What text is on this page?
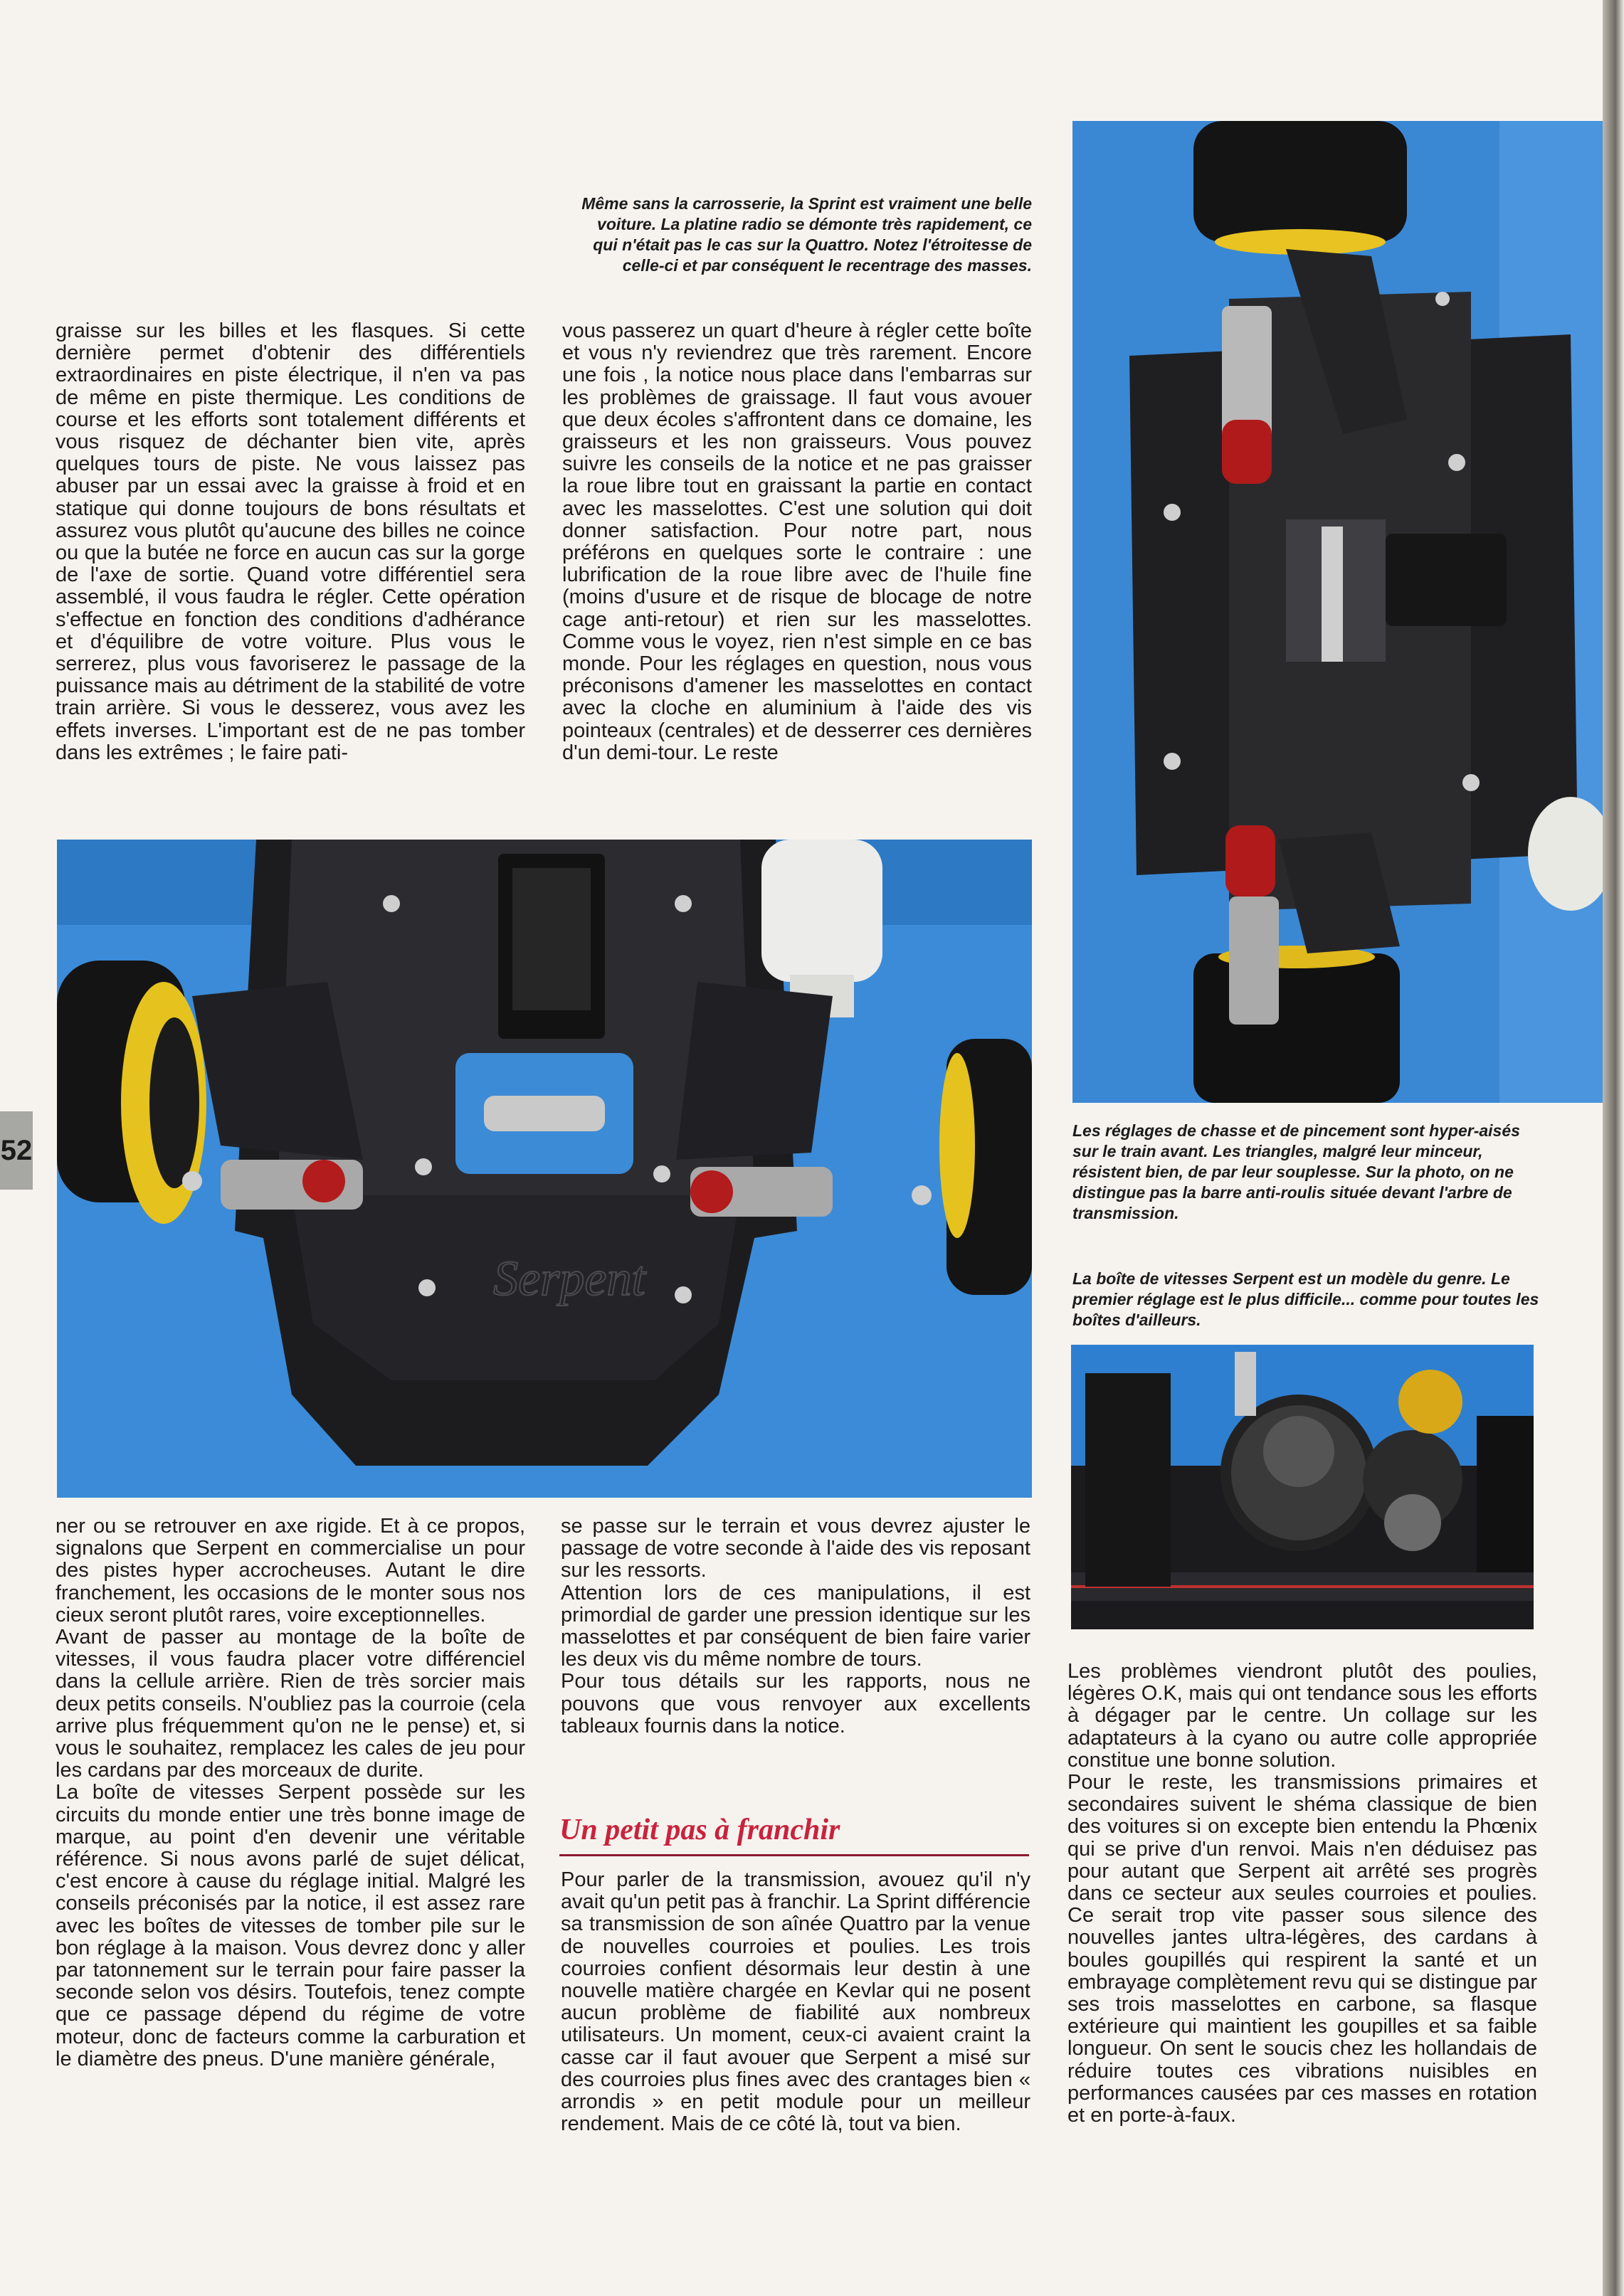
52
Même sans la carrosserie, la Sprint est vraiment une belle voiture. La platine radio se démonte très rapidement, ce qui n'était pas le cas sur la Quattro. Notez l'étroitesse de celle-ci et par conséquent le recentrage des masses.

graisse sur les billes et les flasques. Si cette dernière permet d'obtenir des différentiels extraordinaires en piste électrique, il n'en va pas de même en piste thermique. Les conditions de course et les efforts sont totalement différents et vous risquez de déchanter bien vite, après quelques tours de piste. Ne vous laissez pas abuser par un essai avec la graisse à froid et en statique qui donne toujours de bons résultats et assurez vous plutôt qu'aucune des billes ne coince ou que la butée ne force en aucun cas sur la gorge de l'axe de sortie. Quand votre différentiel sera assemblé, il vous faudra le régler. Cette opération s'effectue en fonction des conditions d'adhérance et d'équilibre de votre voiture. Plus vous le serrerez, plus vous favoriserez le passage de la puissance mais au détriment de la stabilité de votre train arrière. Si vous le desserez, vous avez les effets inverses. L'important est de ne pas tomber dans les extrêmes ; le faire pati-

vous passerez un quart d'heure à régler cette boîte et vous n'y reviendrez que très rarement. Encore une fois , la notice nous place dans l'embarras sur les problèmes de graissage. Il faut vous avouer que deux écoles s'affrontent dans ce domaine, les graisseurs et les non graisseurs. Vous pouvez suivre les conseils de la notice et ne pas graisser la roue libre tout en graissant la partie en contact avec les masselottes. C'est une solution qui doit donner satisfaction. Pour notre part, nous préférons en quelques sorte le contraire : une lubrification de la roue libre avec de l'huile fine (moins d'usure et de risque de blocage de notre cage anti-retour) et rien sur les masselottes. Comme vous le voyez, rien n'est simple en ce bas monde. Pour les réglages en question, nous vous préconisons d'amener les masselottes en contact avec la cloche en aluminium à l'aide des vis pointeaux (centrales) et de desserrer ces dernières d'un demi-tour. Le reste

Serpent
Les réglages de chasse et de pincement sont hyper-aisés sur le train avant. Les triangles, malgré leur minceur, résistent bien, de par leur souplesse. Sur la photo, on ne distingue pas la barre anti-roulis située devant l'arbre de transmission.
La boîte de vitesses Serpent est un modèle du genre. Le premier réglage est le plus difficile... comme pour toutes les boîtes d'ailleurs.

ner ou se retrouver en axe rigide. Et à ce propos, signalons que Serpent en commercialise un pour des pistes hyper accrocheuses. Autant le dire franchement, les occasions de le monter sous nos cieux seront plutôt rares, voire exceptionnelles.

Avant de passer au montage de la boîte de vitesses, il vous faudra placer votre différenciel dans la cellule arrière. Rien de très sorcier mais deux petits conseils. N'oubliez pas la courroie (cela arrive plus fréquemment qu'on ne le pense) et, si vous le souhaitez, remplacez les cales de jeu pour les cardans par des morceaux de durite.

La boîte de vitesses Serpent possède sur les circuits du monde entier une très bonne image de marque, au point d'en devenir une véritable référence. Si nous avons parlé de sujet délicat, c'est encore à cause du réglage initial. Malgré les conseils préconisés par la notice, il est assez rare avec les boîtes de vitesses de tomber pile sur le bon réglage à la maison. Vous devrez donc y aller par tatonnement sur le terrain pour faire passer la seconde selon vos désirs. Toutefois, tenez compte que ce passage dépend du régime de votre moteur, donc de facteurs comme la carburation et le diamètre des pneus. D'une manière générale,

se passe sur le terrain et vous devrez ajuster le passage de votre seconde à l'aide des vis reposant sur les ressorts.

Attention lors de ces manipulations, il est primordial de garder une pression identique sur les masselottes et par conséquent de bien faire varier les deux vis du même nombre de tours.

Pour tous détails sur les rapports, nous ne pouvons que vous renvoyer aux excellents tableaux fournis dans la notice.

Un petit pas à franchir

Pour parler de la transmission, avouez qu'il n'y avait qu'un petit pas à franchir. La Sprint différencie sa transmission de son aînée Quattro par la venue de nouvelles courroies et poulies. Les trois courroies confient désormais leur destin à une nouvelle matière chargée en Kevlar qui ne posent aucun problème de fiabilité aux nombreux utilisateurs. Un moment, ceux-ci avaient craint la casse car il faut avouer que Serpent a misé sur des courroies plus fines avec des crantages bien « arrondis » en petit module pour un meilleur rendement. Mais de ce côté là, tout va bien.

Les problèmes viendront plutôt des poulies, légères O.K, mais qui ont tendance sous les efforts à dégager par le centre. Un collage sur les adaptateurs à la cyano ou autre colle appropriée constitue une bonne solution.

Pour le reste, les transmissions primaires et secondaires suivent le shéma classique de bien des voitures si on excepte bien entendu la Phœnix qui se prive d'un renvoi. Mais n'en déduisez pas pour autant que Serpent ait arrêté ses progrès dans ce secteur aux seules courroies et poulies. Ce serait trop vite passer sous silence des nouvelles jantes ultra-légères, des cardans à boules goupillés qui respirent la santé et un embrayage complètement revu qui se distingue par ses trois masselottes en carbone, sa flasque extérieure qui maintient les goupilles et sa faible longueur. On sent le soucis chez les hollandais de réduire toutes ces vibrations nuisibles en performances causées par ces masses en rotation et en porte-à-faux.
